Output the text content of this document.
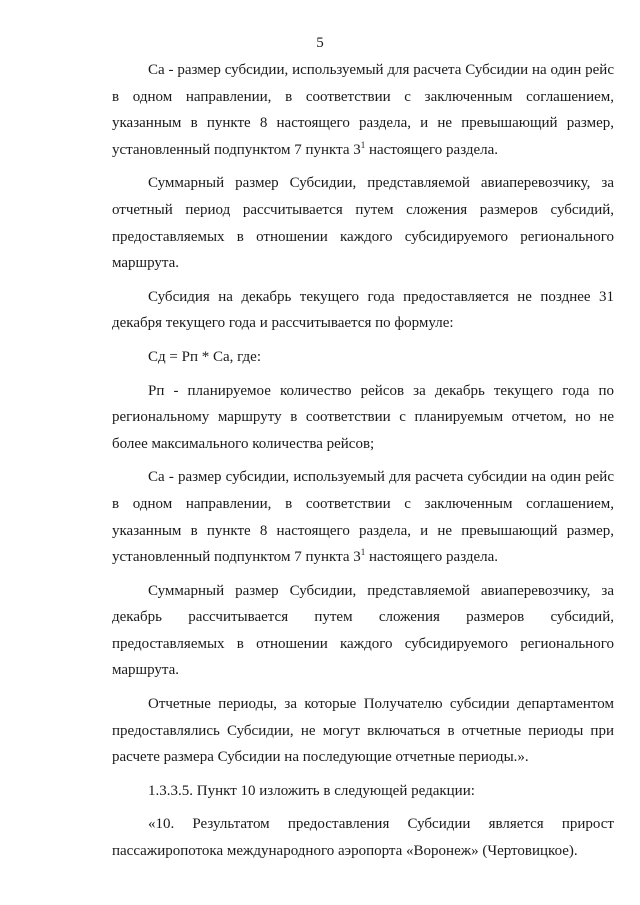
5

Ca - размер субсидии, используемый для расчета Субсидии на один рейс в одном направлении, в соответствии с заключенным соглашением, указанным в пункте 8 настоящего раздела, и не превышающий размер, установленный подпунктом 7 пункта $3^1$ настоящего раздела.

Суммарный размер Субсидии, представляемой авиаперевозчику, за отчетный период рассчитывается путем сложения размеров субсидий, предоставляемых в отношении каждого субсидируемого регионального маршрута.

Субсидия на декабрь текущего года предоставляется не позднее 31 декабря текущего года и рассчитывается по формуле:

Cд = Рп * Ca, где:

Рп - планируемое количество рейсов за декабрь текущего года по региональному маршруту в соответствии с планируемым отчетом, но не более максимального количества рейсов;

Ca - размер субсидии, используемый для расчета субсидии на один рейс в одном направлении, в соответствии с заключенным соглашением, указанным в пункте 8 настоящего раздела, и не превышающий размер, установленный подпунктом 7 пункта $3^1$ настоящего раздела.

Суммарный размер Субсидии, представляемой авиаперевозчику, за декабрь рассчитывается путем сложения размеров субсидий, предоставляемых в отношении каждого субсидируемого регионального маршрута.

Отчетные периоды, за которые Получателю субсидии департаментом предоставлялись Субсидии, не могут включаться в отчетные периоды при расчете размера Субсидии на последующие отчетные периоды.».

1.3.3.5. Пункт 10 изложить в следующей редакции:

«10. Результатом предоставления Субсидии является прирост пассажиропотока международного аэропорта «Воронеж» (Чертовицкое).
